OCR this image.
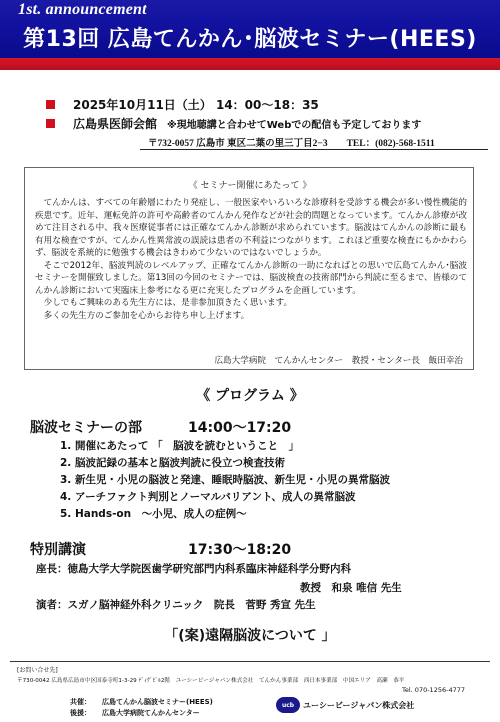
1st. announcement
第13回 広島てんかん･脳波セミナー(HEES)
2025年10月11日（土） 14：00～18：35
広島県医師会館 ※現地聴講と合わせてWebでの配信も予定しております
〒732-0057 広島市 東区二葉の里三丁目2−3　　TEL：(082)-568-1511
《 セミナー開催にあたって 》

てんかんは、すべての年齢層にわたり発症し、一般医家やいろいろな診療科を受診する機会が多い慢性機能的疾患です。近年、運転免許の許可や高齢者のてんかん発作などが社会的問題となっています。てんかん診療が改めて注目される中、我々医療従事者には正確なてんかん診断が求められています。脳波はてんかんの診断に最も有用な検査ですが、てんかん性異常波の誤読は患者の不利益につながります。これほど重要な検査にもかかわらず、脳波を系統的に勉強する機会はきわめて少ないのではないでしょうか。

そこで2012年、脳波判読のレベルアップ、正確なてんかん診断の一助になればとの思いで広島てんかん･脳波セミナーを開催致しました。第13回の今回のセミナーでは、脳波検査の技術部門から判読に至るまで、皆様のてんかん診断において実臨床上参考になる更に充実したプログラムを企画しています。

少しでもご興味のある先生方には、是非参加頂きたく思います。

多くの先生方のご参加を心からお待ち申し上げます。

広島大学病院　てんかんセンター　教授・センター長　飯田幸治
《 プログラム 》
脳波セミナーの部	14:00～17:20
1. 開催にあたって 「　脳波を読むということ　」
2. 脳波記録の基本と脳波判読に役立つ検査技術
3. 新生児・小児の脳波と発達、睡眠時脳波、新生児・小児の異常脳波
4. アーチファクト判別とノーマルバリアント、成人の異常脳波
5. Hands-on　～小児、成人の症例～
特別講演	17:30～18:20
座長：徳島大学大学院医歯学研究部門内科系臨床神経科学分野内科
教授　和泉 唯信 先生
演者：スガノ脳神経外科クリニック　院長　菅野 秀宣 先生
「(案)遠隔脳波について 」
[お問い合せ先]
〒730-0042 広島県広島市中区国泰寺町1-3-29 ﾃﾞｨｸﾞﾋﾞﾙ2階　ユーシービージャパン株式会社　てんかん事業部　西日本事業部　中国エリア　高瀬　恭平
Tel. 070-1256-4777
共催： 広島てんかん脳波セミナー(HEES)
後援： 広島大学病院てんかんセンター
ucb	ユーシービージャパン株式会社
